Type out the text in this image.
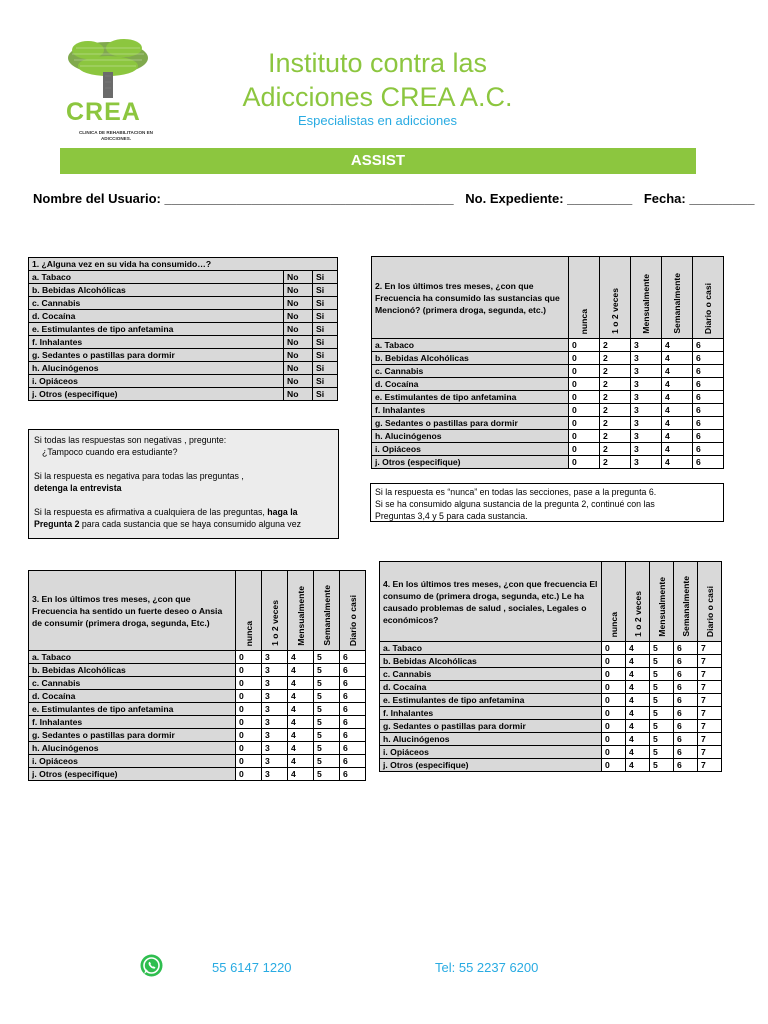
CREA
CLINICA DE REHABILITACION EN ADICCIONES.
Instituto contra las
Adicciones CREA A.C.
Especialistas en adicciones
ASSIST
Nombre del Usuario: ________________________________________ No. Expediente: _________ Fecha: _________
1. ¿Alguna vez en su vida ha consumido…?		
a. Tabaco	No	Si
b. Bebidas Alcohólicas	No	Si
c. Cannabis	No	Si
d. Cocaína	No	Si
e. Estimulantes de tipo anfetamina	No	Si
f. Inhalantes	No	Si
g. Sedantes o pastillas para dormir	No	Si
h. Alucinógenos	No	Si
i. Opiáceos	No	Si
j. Otros (especifique)	No	Si

Si todas las respuestas son negativas , pregunte:

¿Tampoco cuando era estudiante?

Si la respuesta es negativa para todas las preguntas ,

detenga la entrevista

Si la respuesta es afirmativa a cualquiera de las preguntas, haga la

Pregunta 2 para cada sustancia que se haya consumido alguna vez

2. En los últimos tres meses, ¿con que Frecuencia ha consumido las sustancias que Mencionó? (primera droga, segunda, etc.)	nunca	1 o 2 veces	Mensualmente	Semanalmente	Diario o casi

a. Tabaco	0	2	3	4	6
b. Bebidas Alcohólicas	0	2	3	4	6
c. Cannabis	0	2	3	4	6
d. Cocaína	0	2	3	4	6
e. Estimulantes de tipo anfetamina	0	2	3	4	6
f. Inhalantes	0	2	3	4	6
g. Sedantes o pastillas para dormir	0	2	3	4	6
h. Alucinógenos	0	2	3	4	6
i. Opiáceos	0	2	3	4	6
j. Otros (especifique)	0	2	3	4	6

Si la respuesta es “nunca” en todas las secciones, pase a la pregunta 6.

Si se ha consumido alguna sustancia de la pregunta 2, continué con las

Preguntas 3,4 y 5 para cada sustancia.

3. En los últimos tres meses, ¿con que Frecuencia ha sentido un fuerte deseo o Ansia de consumir (primera droga, segunda, Etc.)	nunca	1 o 2 veces	Mensualmente	Semanalmente	Diario o casi

a. Tabaco	0	3	4	5	6
b. Bebidas Alcohólicas	0	3	4	5	6
c. Cannabis	0	3	4	5	6
d. Cocaína	0	3	4	5	6
e. Estimulantes de tipo anfetamina	0	3	4	5	6
f. Inhalantes	0	3	4	5	6
g. Sedantes o pastillas para dormir	0	3	4	5	6
h. Alucinógenos	0	3	4	5	6
i. Opiáceos	0	3	4	5	6
j. Otros (especifique)	0	3	4	5	6
4. En los últimos tres meses, ¿con que frecuencia El consumo de (primera droga, segunda, etc.) Le ha causado problemas de salud , sociales, Legales o económicos?	nunca	1 o 2 veces	Mensualmente	Semanalmente	Diario o casi

a. Tabaco	0	4	5	6	7
b. Bebidas Alcohólicas	0	4	5	6	7
c. Cannabis	0	4	5	6	7
d. Cocaína	0	4	5	6	7
e. Estimulantes de tipo anfetamina	0	4	5	6	7
f. Inhalantes	0	4	5	6	7
g. Sedantes o pastillas para dormir	0	4	5	6	7
h. Alucinógenos	0	4	5	6	7
i. Opiáceos	0	4	5	6	7
j. Otros (especifique)	0	4	5	6	7
55 6147 1220	Tel: 55 2237 6200
